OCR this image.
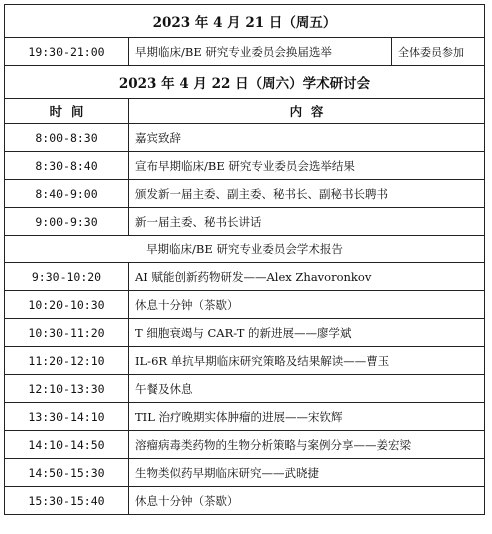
2023 年 4 月 21 日（周五）		
19:30-21:00	早期临床/BE 研究专业委员会换届选举	全体委员参加
2023 年 4 月 22 日（周六）学术研讨会		
时  间	内  容	
8:00-8:30	嘉宾致辞	
8:30-8:40	宣布早期临床/BE 研究专业委员会选举结果	
8:40-9:00	颁发新一届主委、副主委、秘书长、副秘书长聘书	
9:00-9:30	新一届主委、秘书长讲话	
早期临床/BE 研究专业委员会学术报告		
9:30-10:20	AI 赋能创新药物研发——Alex Zhavoronkov	
10:20-10:30	休息十分钟（茶歇）	
10:30-11:20	T 细胞衰竭与 CAR-T 的新进展——廖学斌	
11:20-12:10	IL-6R 单抗早期临床研究策略及结果解读——曹玉	
12:10-13:30	午餐及休息	
13:30-14:10	TIL 治疗晚期实体肿瘤的进展——宋钦辉	
14:10-14:50	溶瘤病毒类药物的生物分析策略与案例分享——姜宏梁	
14:50-15:30	生物类似药早期临床研究——武晓捷	
15:30-15:40	休息十分钟（茶歇）	
